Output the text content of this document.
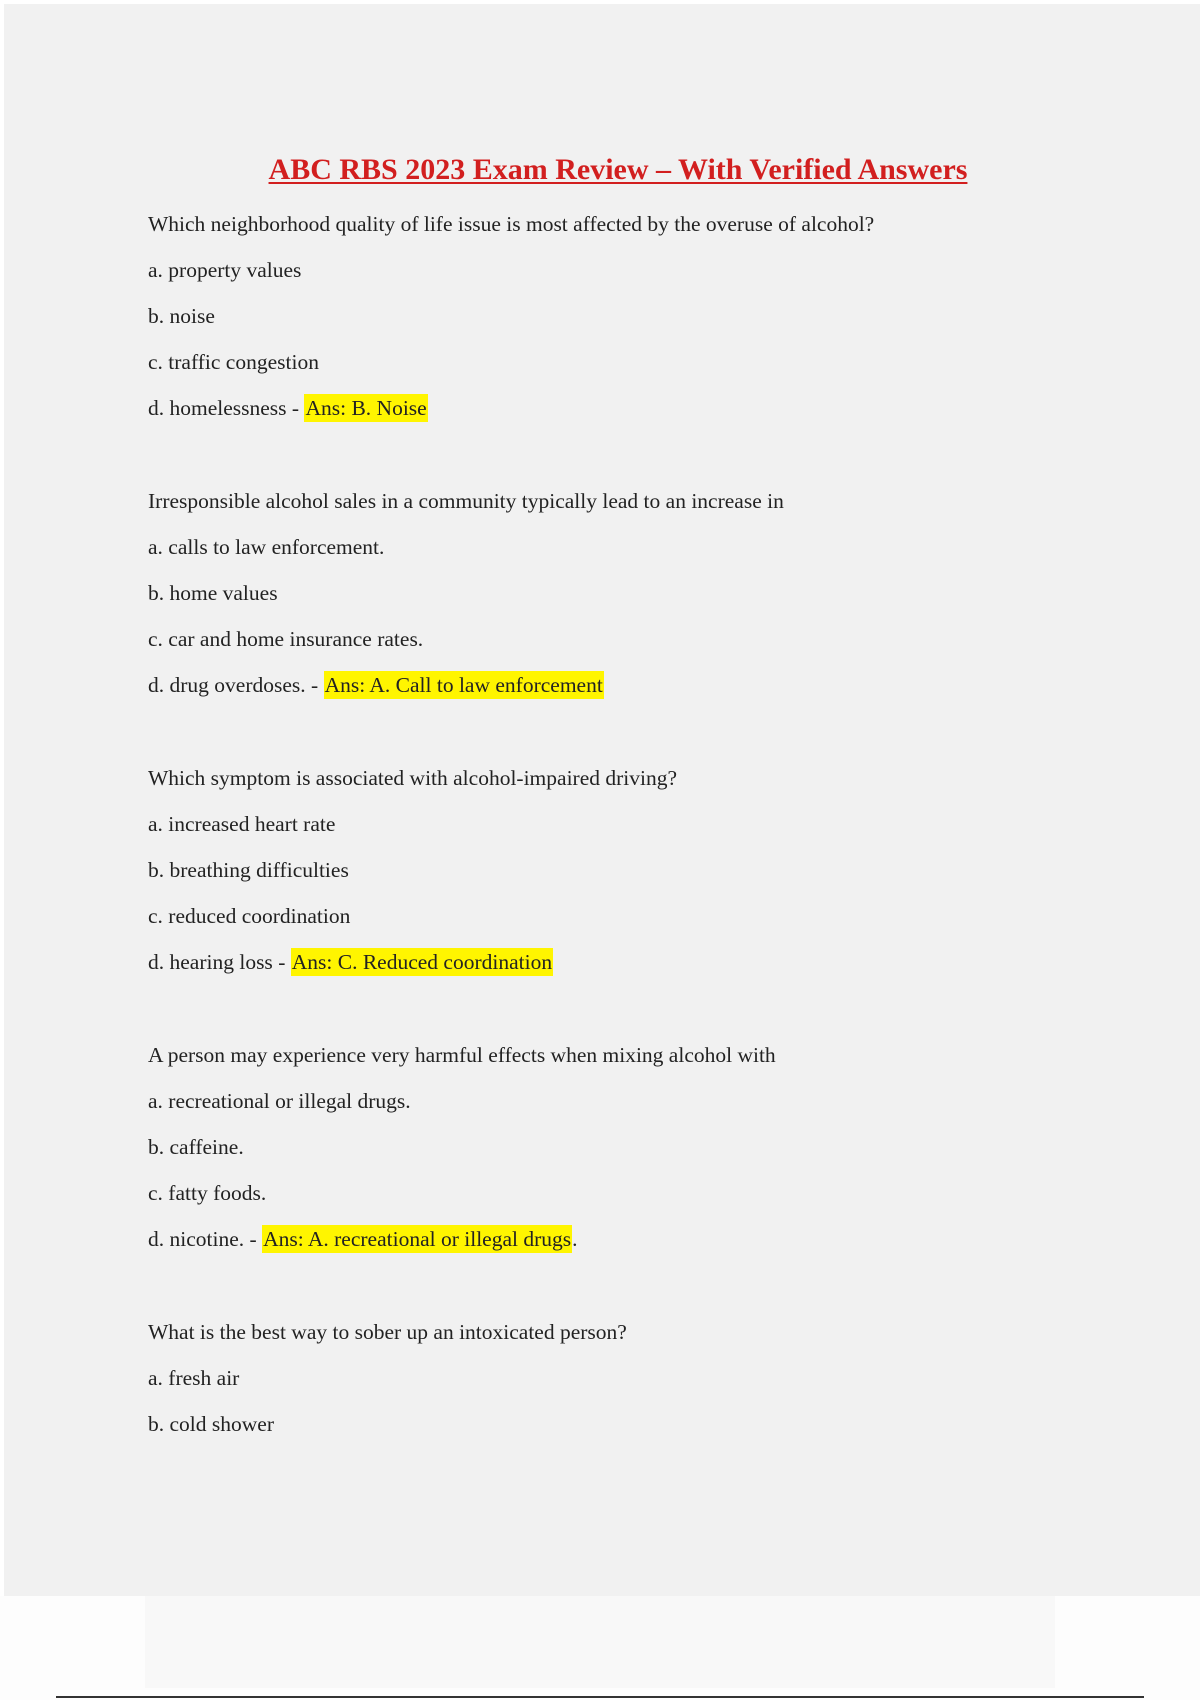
ABC RBS 2023 Exam Review – With Verified Answers
Which neighborhood quality of life issue is most affected by the overuse of alcohol?
a. property values
b. noise
c. traffic congestion
d. homelessness - Ans: B. Noise
Irresponsible alcohol sales in a community typically lead to an increase in
a. calls to law enforcement.
b. home values
c. car and home insurance rates.
d. drug overdoses. - Ans: A. Call to law enforcement
Which symptom is associated with alcohol-impaired driving?
a. increased heart rate
b. breathing difficulties
c. reduced coordination
d. hearing loss - Ans: C. Reduced coordination
A person may experience very harmful effects when mixing alcohol with
a. recreational or illegal drugs.
b. caffeine.
c. fatty foods.
d. nicotine. - Ans: A. recreational or illegal drugs.
What is the best way to sober up an intoxicated person?
a. fresh air
b. cold shower
